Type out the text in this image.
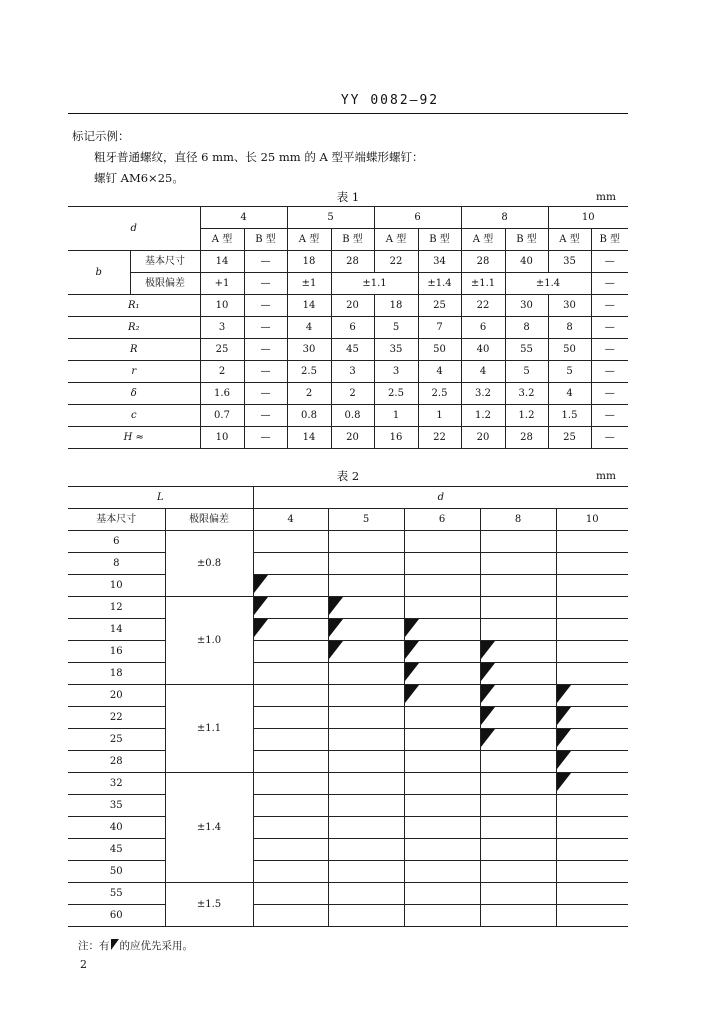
YY 0082—92
标记示例：
粗牙普通螺纹，直径 6 mm、长 25 mm 的 A 型平端蝶形螺钉：
螺钉 AM6×25。
表 1	mm
d		4		5		6		8		10	
		A 型	B 型	A 型	B 型	A 型	B 型	A 型	B 型	A 型	B 型
b	基本尺寸	14	—	18	28	22	34	28	40	35	—
	极限偏差	+1	—	±1	±1.1		±1.4	±1.1	±1.4		—
R₁		10	—	14	20	18	25	22	30	30	—
R₂		3	—	4	6	5	7	6	8	8	—
R		25	—	30	45	35	50	40	55	50	—
r		2	—	2.5	3	3	4	4	5	5	—
δ		1.6	—	2	2	2.5	2.5	3.2	3.2	4	—
c		0.7	—	0.8	0.8	1	1	1.2	1.2	1.5	—
H ≈		10	—	14	20	16	22	20	28	25	—
表 2	mm
L		d				
基本尺寸	极限偏差	4	5	6	8	10
6	±0.8					
8						
10		

12	±1.0	

14		

16			

18				

20	±1.1			

22					

25					

28						

32	±1.4					

35						
40						
45						
50						
55	±1.5					
60						
注：有 的应优先采用。
2
